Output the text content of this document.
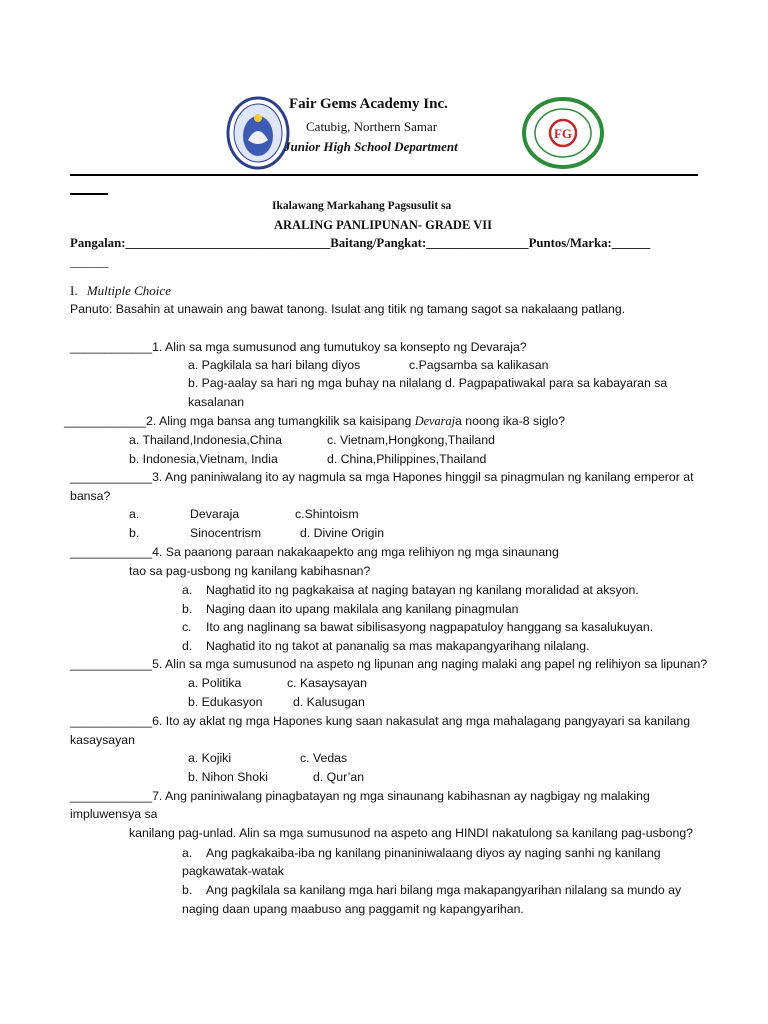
Fair Gems Academy Inc.
Catubig, Northern Samar
Junior High School Department
FG
Ikalawang Markahang Pagsusulit sa
ARALING PANLIPUNAN- GRADE VII
Pangalan:________________________________Baitang/Pangkat:________________Puntos/Marka:______
______
I. Multiple Choice
Panuto: Basahin at unawain ang bawat tanong. Isulat ang titik ng tamang sagot sa nakalaang patlang.
____________1. Alin sa mga sumusunod ang tumutukoy sa konsepto ng Devaraja?
a. Pagkilala sa hari bilang diyos	c.Pagsamba sa kalikasan
b. Pag-aalay sa hari ng mga buhay na nilalang d. Pagpapatiwakal para sa kabayaran sa
kasalanan
____________2. Aling mga bansa ang tumangkilik sa kaisipang Devaraja noong ika-8 siglo?
a. Thailand,Indonesia,China	c. Vietnam,Hongkong,Thailand
b. Indonesia,Vietnam, India	d. China,Philippines,Thailand
____________3. Ang paniniwalang ito ay nagmula sa mga Hapones hinggil sa pinagmulan ng kanilang emperor at
bansa?
a.	Devaraja	c.Shintoism
b.	Sinocentrism	d. Divine Origin
____________4. Sa paanong paraan nakakaapekto ang mga relihiyon ng mga sinaunang
tao sa pag-usbong ng kanilang kabihasnan?
a. Naghatid ito ng pagkakaisa at naging batayan ng kanilang moralidad at aksyon.
b. Naging daan ito upang makilala ang kanilang pinagmulan
c. Ito ang naglinang sa bawat sibilisasyong nagpapatuloy hanggang sa kasalukuyan.
d. Naghatid ito ng takot at pananalig sa mas makapangyarihang nilalang.
____________5. Alin sa mga sumusunod na aspeto ng lipunan ang naging malaki ang papel ng relihiyon sa lipunan?
a. Politika	c. Kasaysayan
b. Edukasyon d. Kalusugan
____________6. Ito ay aklat ng mga Hapones kung saan nakasulat ang mga mahalagang pangyayari sa kanilang
kasaysayan
a. Kojiki	c. Vedas
b. Nihon Shoki	d. Qur’an
____________7. Ang paniniwalang pinagbatayan ng mga sinaunang kabihasnan ay nagbigay ng malaking
impluwensya sa
kanilang pag-unlad. Alin sa mga sumusunod na aspeto ang HINDI nakatulong sa kanilang pag-usbong?
a. Ang pagkakaiba-iba ng kanilang pinaniniwalaang diyos ay naging sanhi ng kanilang
pagkawatak-watak
b. Ang pagkilala sa kanilang mga hari bilang mga makapangyarihan nilalang sa mundo ay
naging daan upang maabuso ang paggamit ng kapangyarihan.
